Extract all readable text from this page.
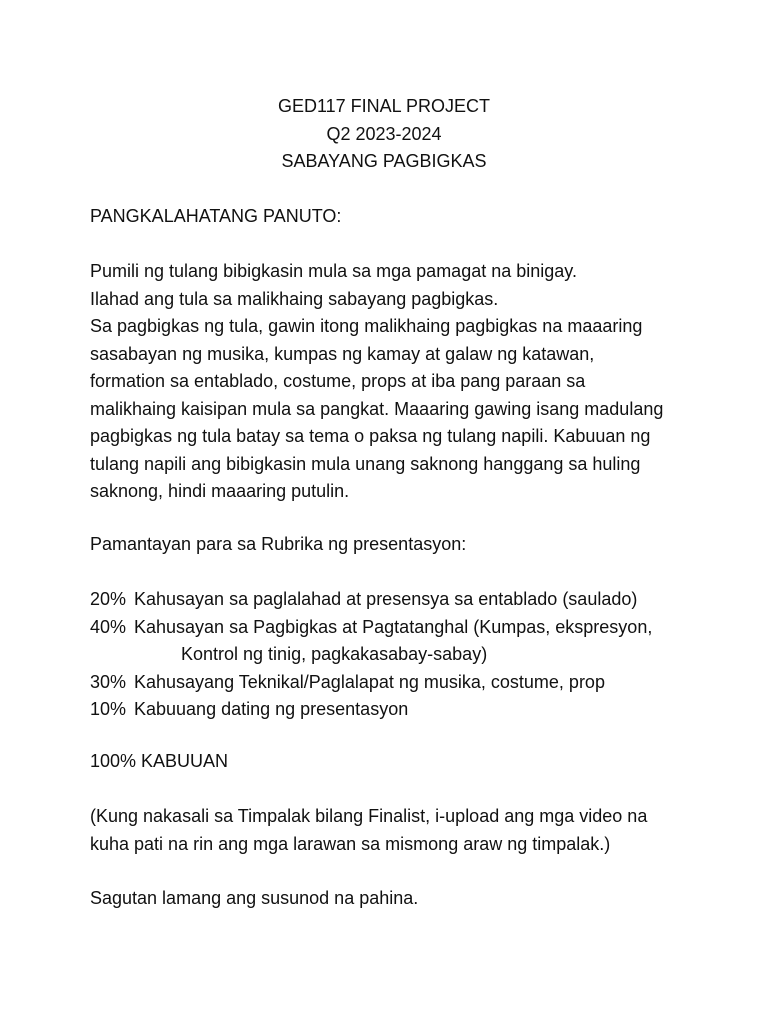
GED117 FINAL PROJECT
Q2 2023-2024
SABAYANG PAGBIGKAS
PANGKALAHATANG PANUTO:
Pumili ng tulang bibigkasin mula sa mga pamagat na binigay.
Ilahad ang tula sa malikhaing sabayang pagbigkas.
Sa pagbigkas ng tula, gawin itong malikhaing pagbigkas na maaaring
sasabayan ng musika, kumpas ng kamay at galaw ng katawan,
formation sa entablado, costume, props at iba pang paraan sa
malikhaing kaisipan mula sa pangkat. Maaaring gawing isang madulang
pagbigkas ng tula batay sa tema o paksa ng tulang napili. Kabuuan ng
tulang napili ang bibigkasin mula unang saknong hanggang sa huling
saknong, hindi maaaring putulin.
Pamantayan para sa Rubrika ng presentasyon:
20% Kahusayan sa paglalahad at presensya sa entablado (saulado)
40% Kahusayan sa Pagbigkas at Pagtatanghal (Kumpas, ekspresyon,
Kontrol ng tinig, pagkakasabay-sabay)
30% Kahusayang Teknikal/Paglalapat ng musika, costume, prop
10% Kabuuang dating ng presentasyon
100% KABUUAN
(Kung nakasali sa Timpalak bilang Finalist, i-upload ang mga video na
kuha pati na rin ang mga larawan sa mismong araw ng timpalak.)
Sagutan lamang ang susunod na pahina.
